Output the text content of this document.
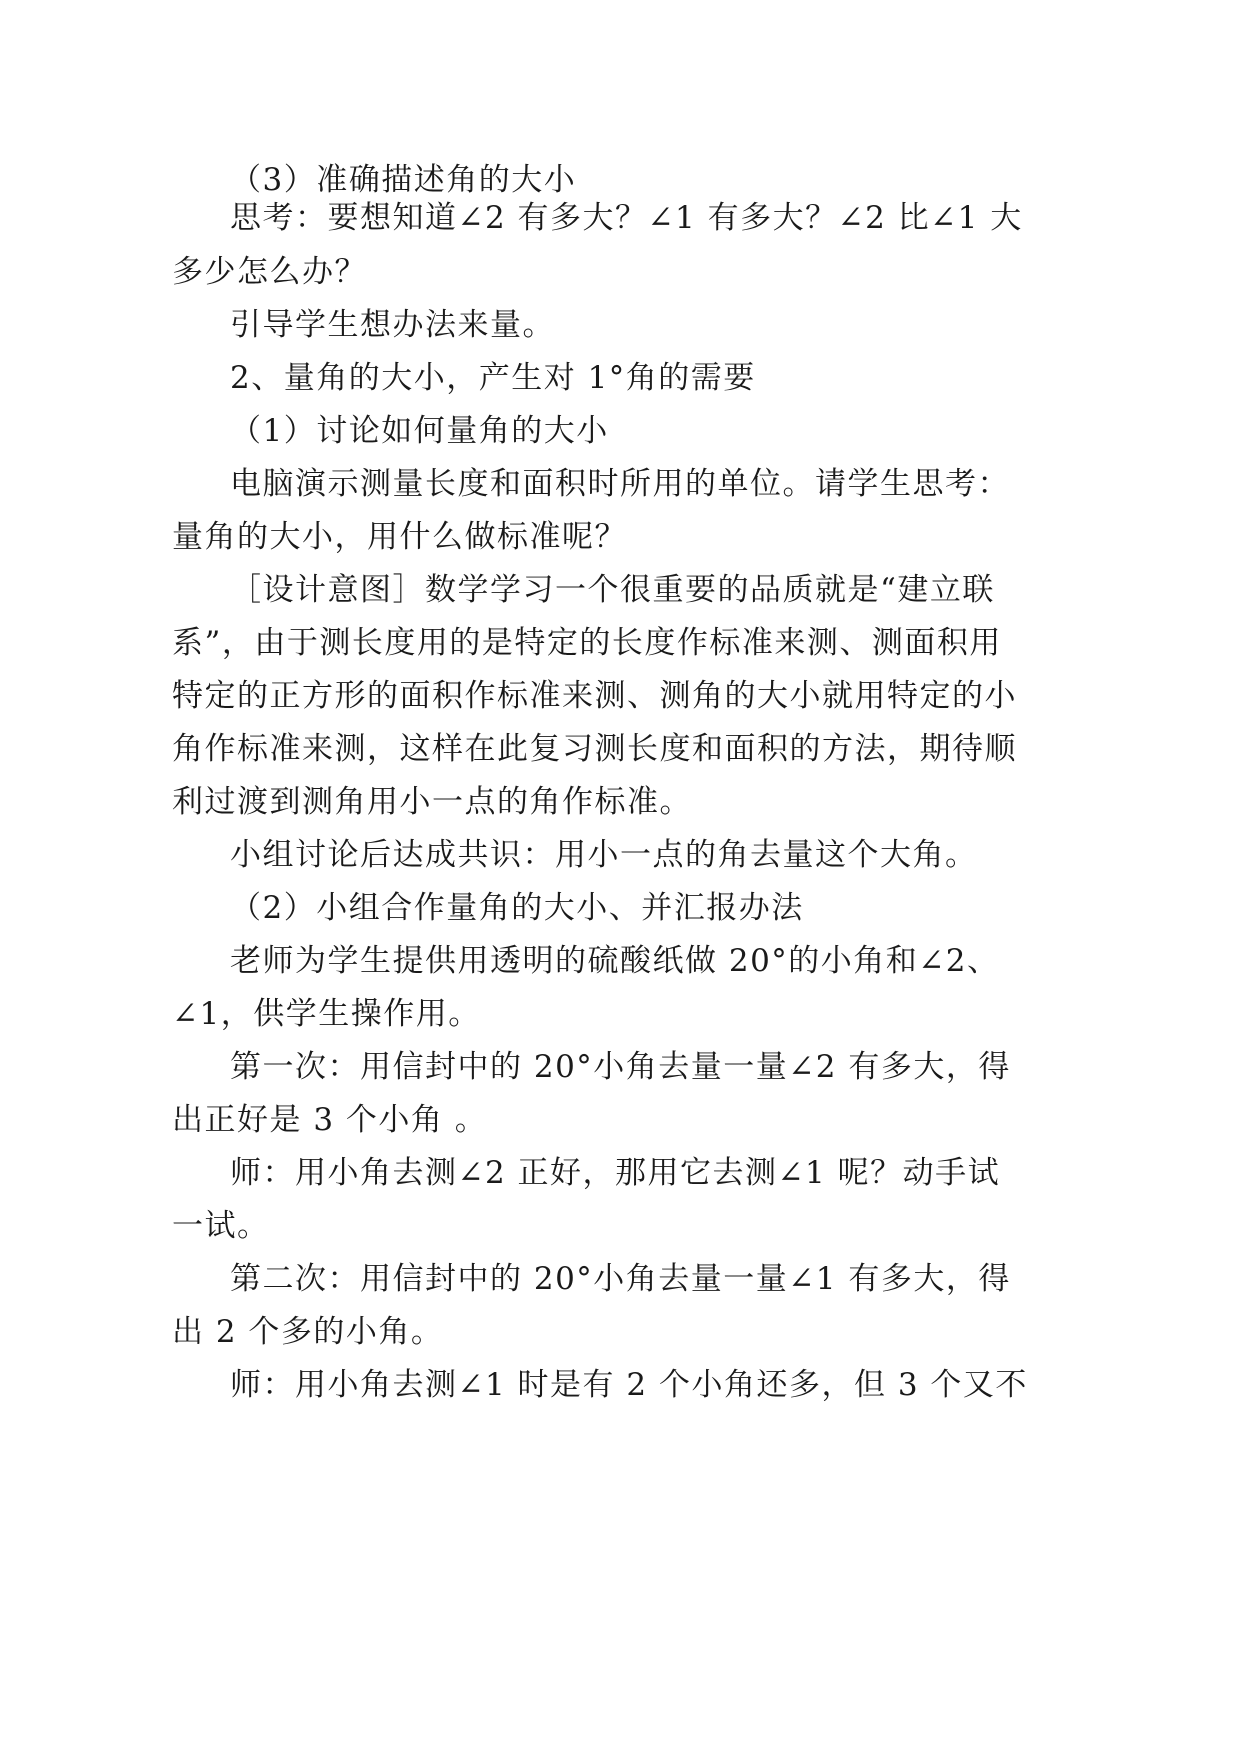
（3）准确描述角的大小

思考：要想知道∠2 有多大？∠1 有多大？∠2 比∠1 大

多少怎么办？

引导学生想办法来量。

2、量角的大小，产生对 1°角的需要

（1）讨论如何量角的大小

电脑演示测量长度和面积时所用的单位。请学生思考：

量角的大小，用什么做标准呢？

［设计意图］数学学习一个很重要的品质就是“建立联

系”，由于测长度用的是特定的长度作标准来测、测面积用

特定的正方形的面积作标准来测、测角的大小就用特定的小

角作标准来测，这样在此复习测长度和面积的方法，期待顺

利过渡到测角用小一点的角作标准。

小组讨论后达成共识：用小一点的角去量这个大角。

（2）小组合作量角的大小、并汇报办法

老师为学生提供用透明的硫酸纸做 20°的小角和∠2、

∠1，供学生操作用。

第一次：用信封中的 20°小角去量一量∠2 有多大，得

出正好是 3 个小角 。

师：用小角去测∠2 正好，那用它去测∠1 呢？动手试

一试。

第二次：用信封中的 20°小角去量一量∠1 有多大，得

出 2 个多的小角。

师：用小角去测∠1 时是有 2 个小角还多，但 3 个又不
